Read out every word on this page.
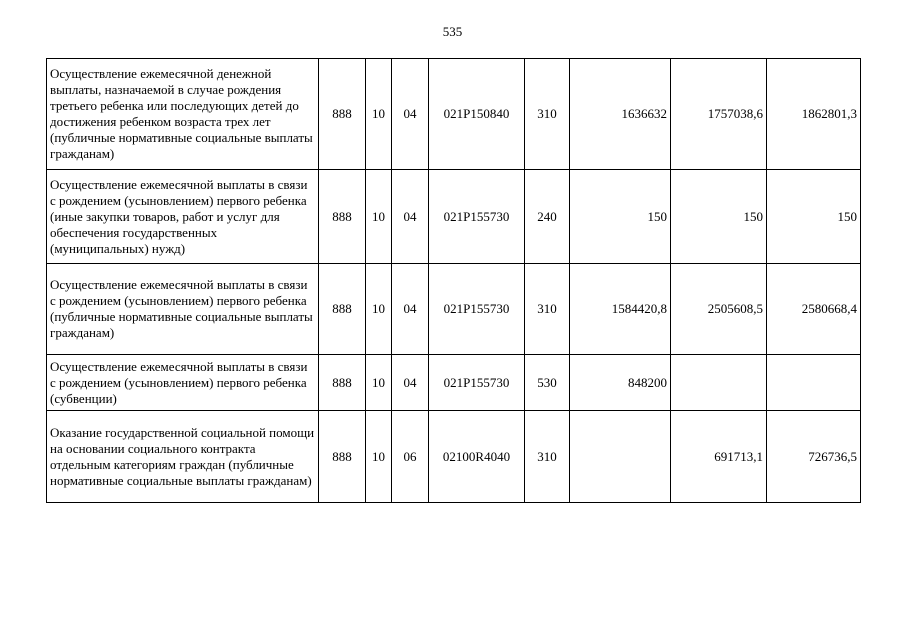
535
Осуществление ежемесячной денежной выплаты, назначаемой в случае рождения третьего ребенка или последующих детей до достижения ребенком возраста трех лет (публичные нормативные социальные выплаты гражданам)	888	10	04	021P150840	310	1636632	1757038,6	1862801,3
Осуществление ежемесячной выплаты в связи с рождением (усыновлением) первого ребенка (иные закупки товаров, работ и услуг для обеспечения государственных (муниципальных) нужд)	888	10	04	021P155730	240	150	150	150
Осуществление ежемесячной выплаты в связи с рождением (усыновлением) первого ребенка (публичные нормативные социальные выплаты гражданам)	888	10	04	021P155730	310	1584420,8	2505608,5	2580668,4
Осуществление ежемесячной выплаты в связи с рождением (усыновлением) первого ребенка (субвенции)	888	10	04	021P155730	530	848200		
Оказание государственной социальной помощи на основании социального контракта отдельным категориям граждан (публичные нормативные социальные выплаты гражданам)	888	10	06	02100R4040	310		691713,1	726736,5
